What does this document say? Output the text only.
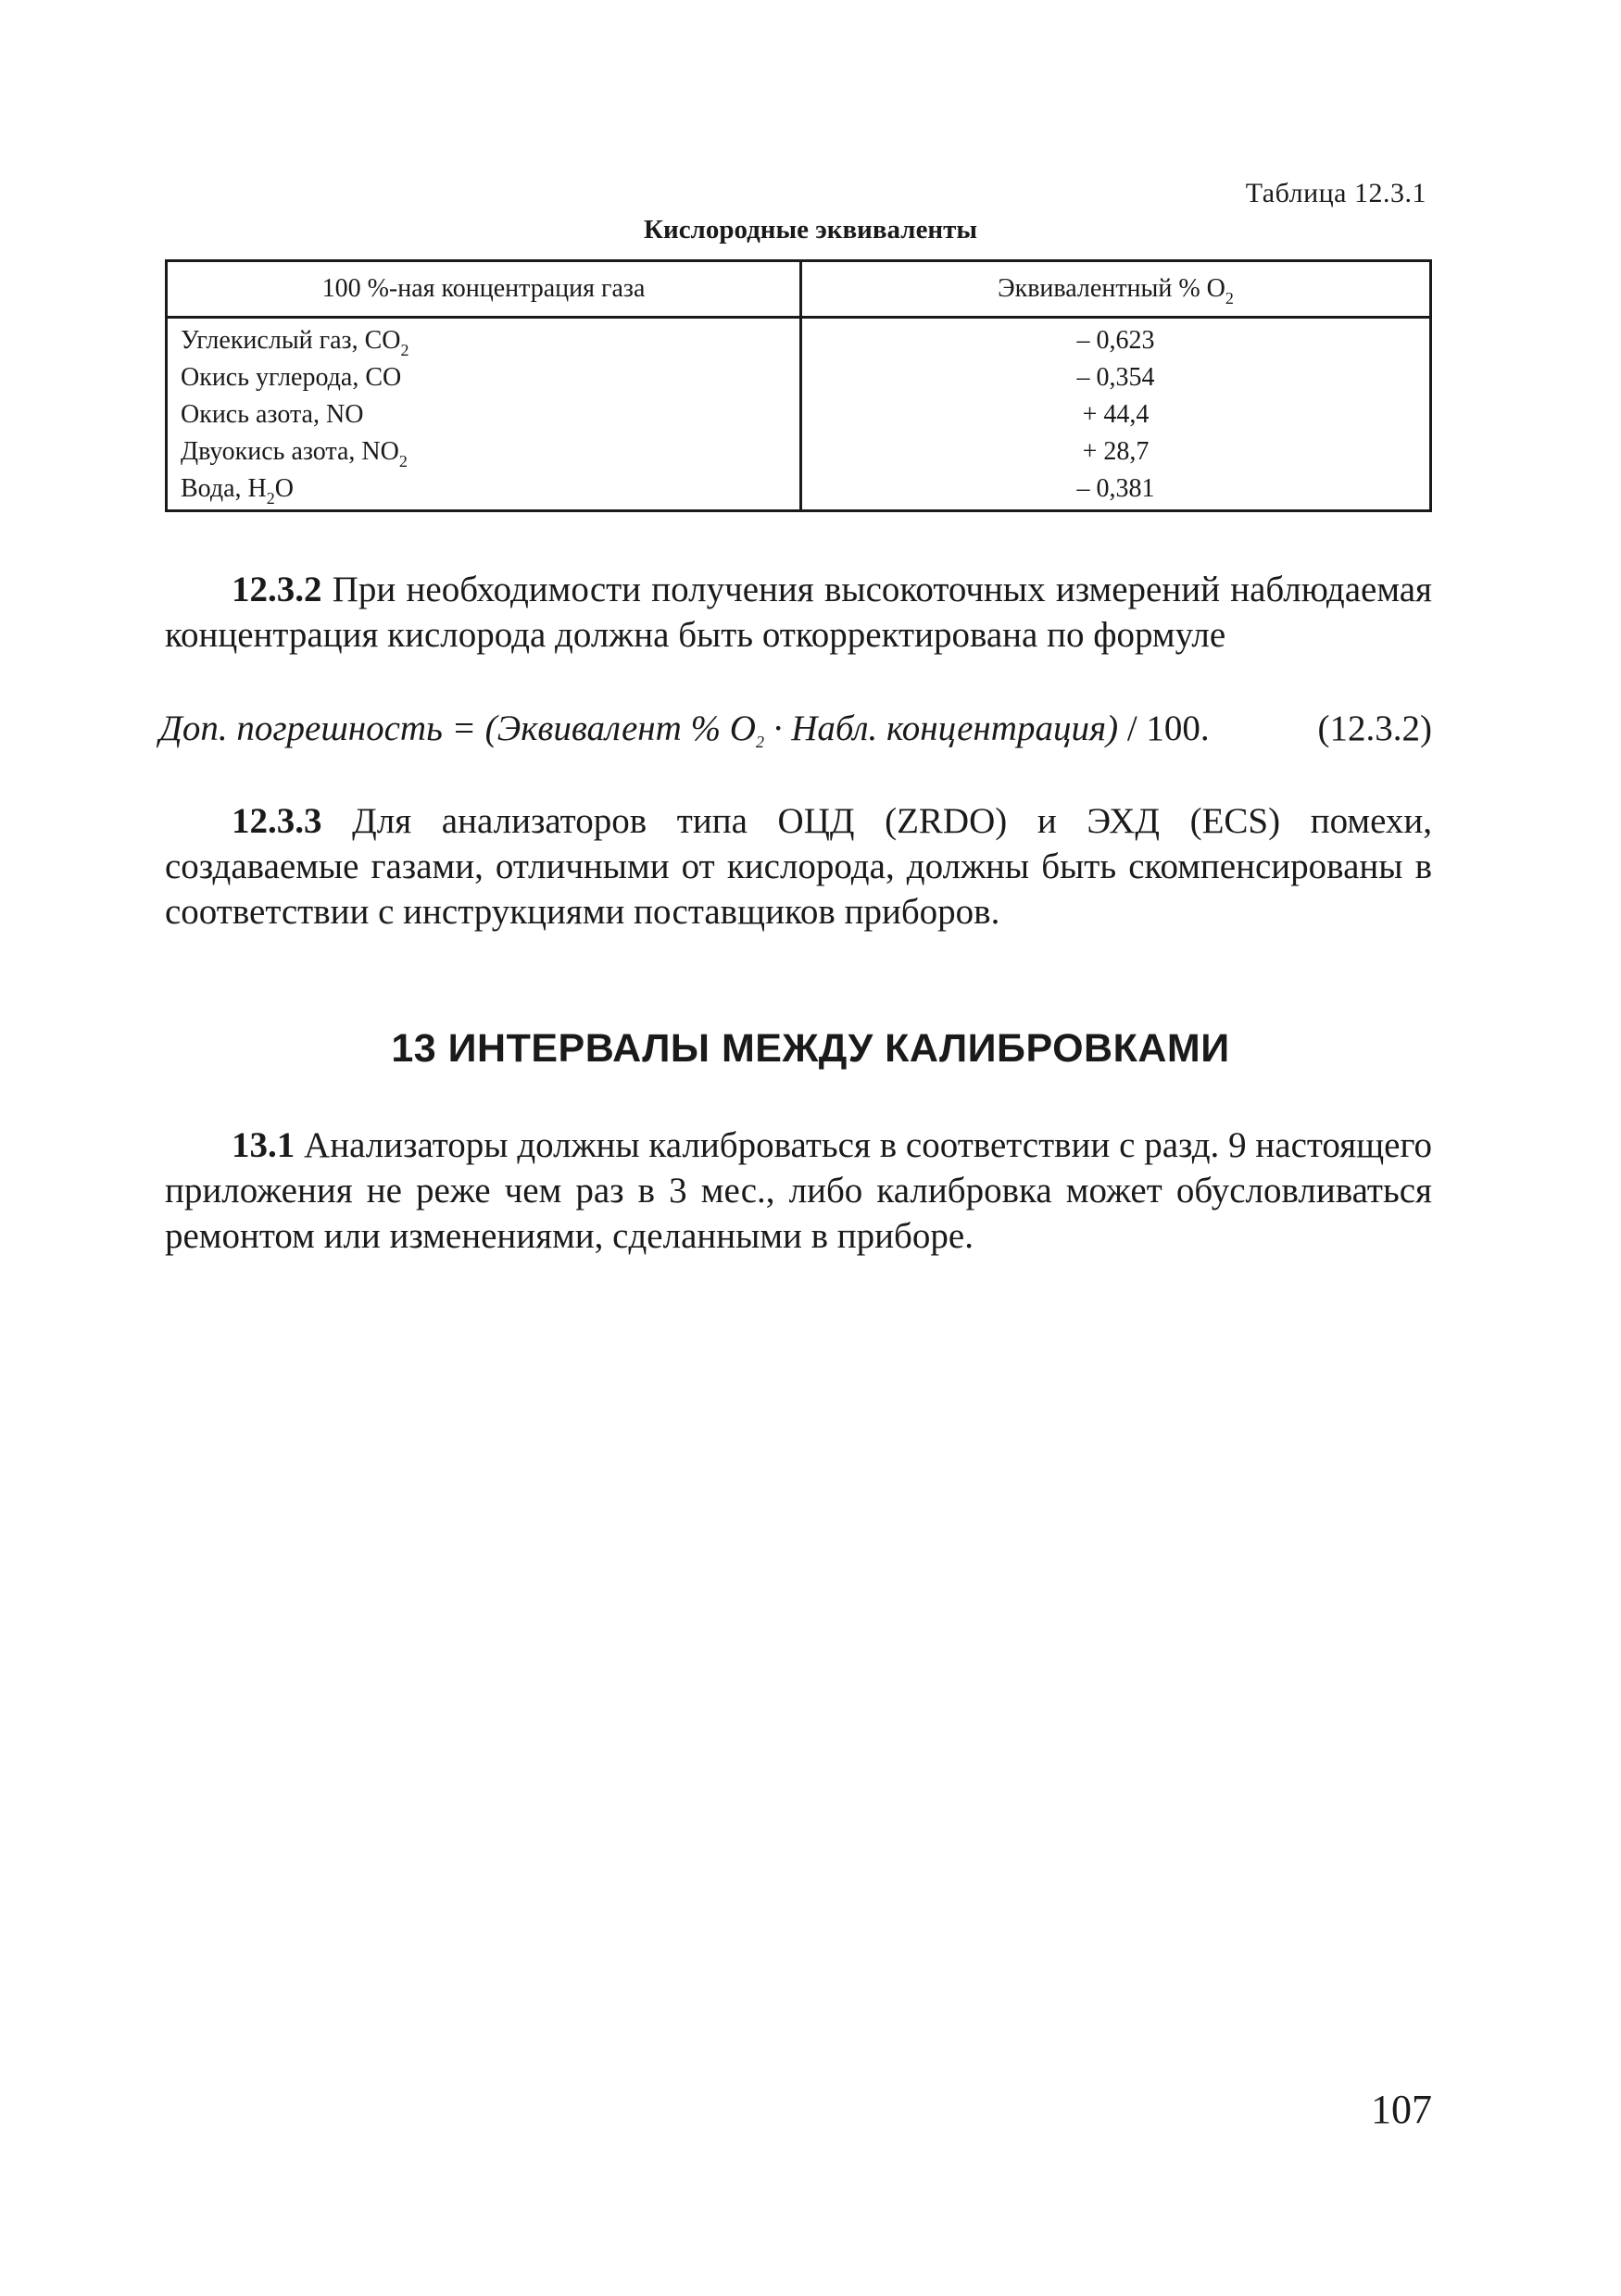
Таблица 12.3.1
Кислородные эквиваленты
100 %-ная концентрация газа	Эквивалентный % $O_2$
Углекислый газ, $CO_2$	– 0,623
Окись углерода, CO	– 0,354
Окись азота, NO	+ 44,4
Двуокись азота, $NO_2$	+ 28,7
Вода, $H_2O$	– 0,381

12.3.2 При необходимости получения высокоточных измерений наблюдаемая концентрация кислорода должна быть откорректирована по формуле

Доп. погрешность = (Эквивалент % $O_2$ · Набл. концентрация) / 100.	(12.3.2)

12.3.3 Для анализаторов типа ОЦД (ZRDO) и ЭХД (ECS) помехи, создаваемые газами, отличными от кислорода, должны быть скомпенсированы в соответствии с инструкциями поставщиков приборов.

13 ИНТЕРВАЛЫ МЕЖДУ КАЛИБРОВКАМИ

13.1 Анализаторы должны калиброваться в соответствии с разд. 9 настоящего приложения не реже чем раз в 3 мес., либо калибровка может обусловливаться ремонтом или изменениями, сделанными в приборе.

107
